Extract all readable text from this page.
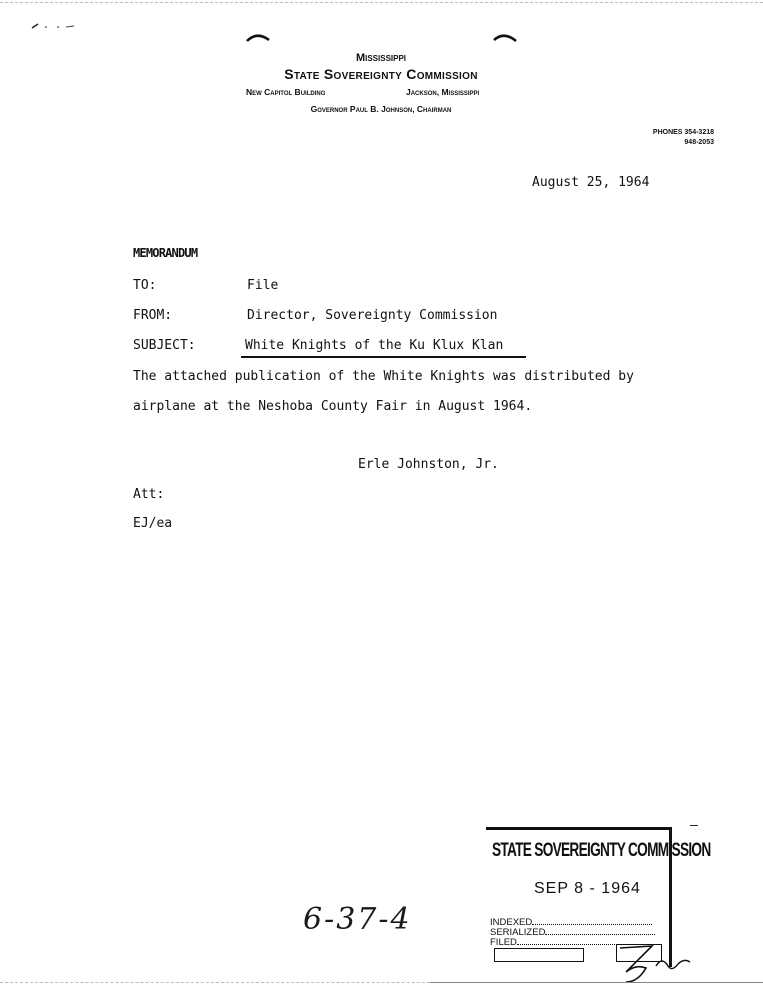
Mississippi
State Sovereignty Commission
New Capitol Building	Jackson, Mississippi
Governor Paul B. Johnson, Chairman
PHONES 354-3218
948-2053
August 25, 1964
MEMORANDUM
TO:	File
FROM:	Director, Sovereignty Commission
SUBJECT:	White Knights of the Ku Klux Klan
The attached publication of the White Knights was distributed by
airplane at the Neshoba County Fair in August 1964.
Erle Johnston, Jr.
Att:
EJ/ea
6-37-4
STATE SOVEREIGNTY COMMISSION
SEP 8 - 1964
INDEXED
SERIALIZED
FILED
